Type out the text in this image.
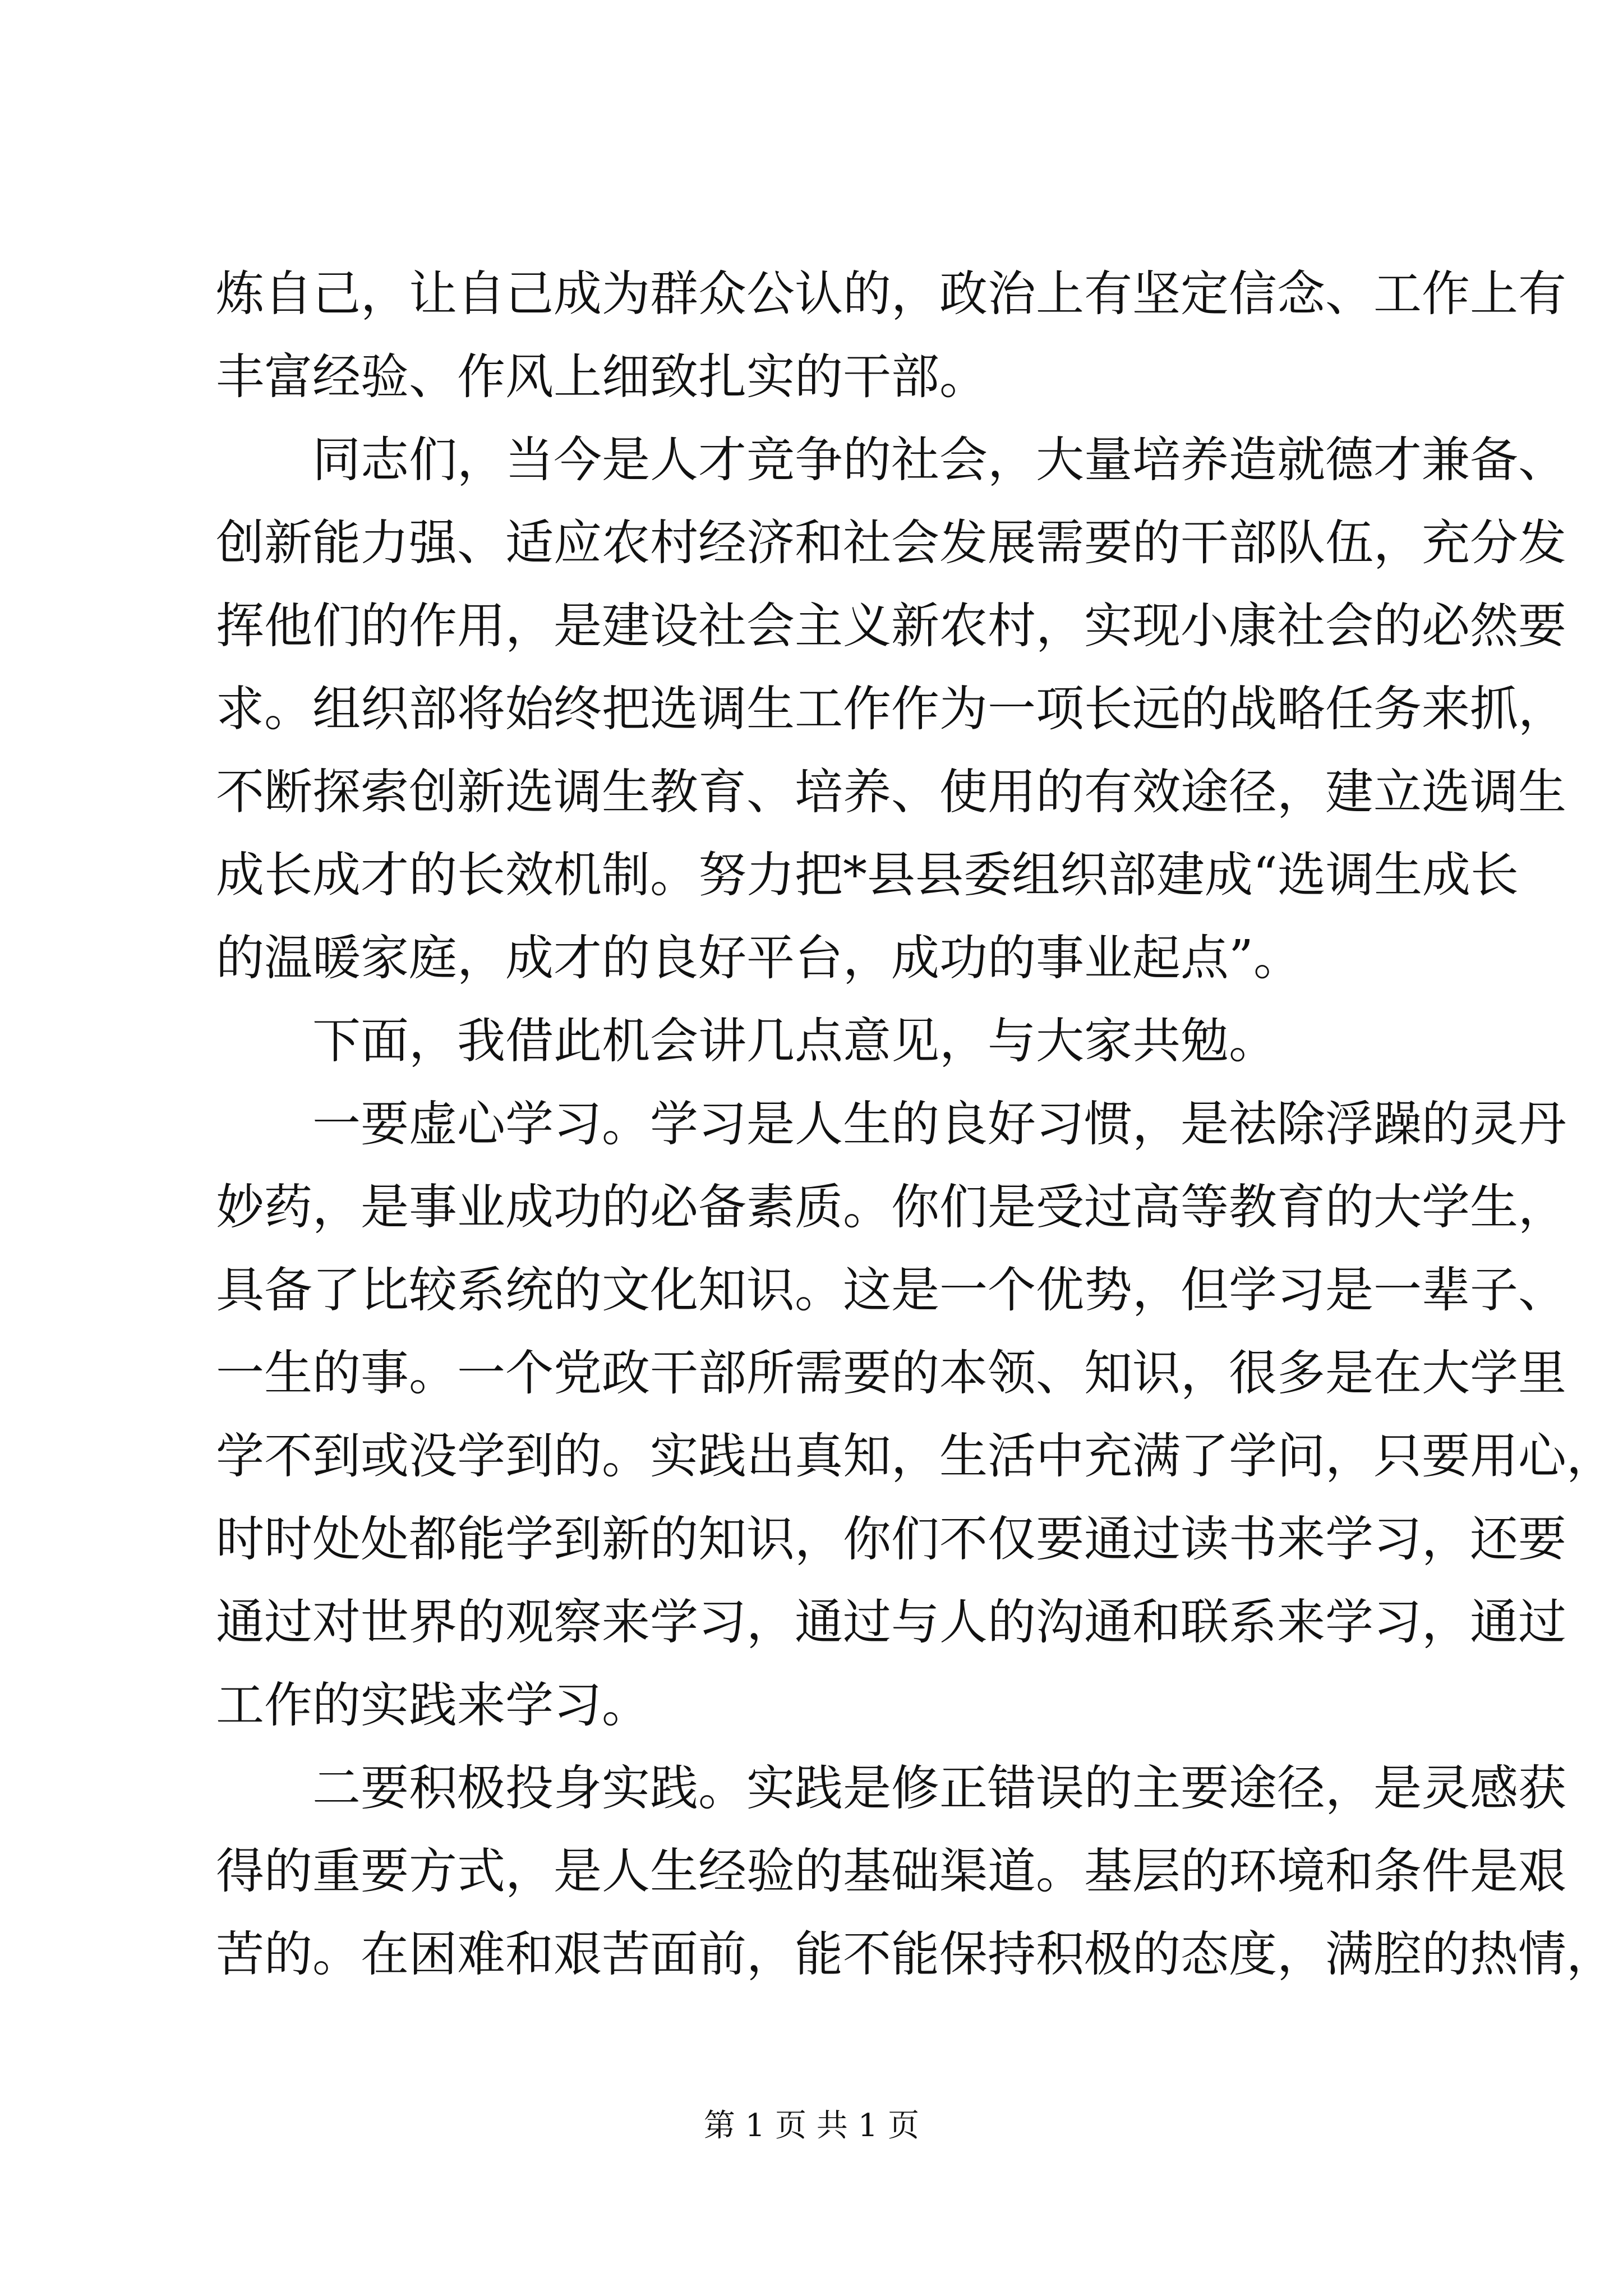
炼自己，让自己成为群众公认的，政治上有坚定信念、工作上有
丰富经验、作风上细致扎实的干部。
同志们，当今是人才竞争的社会，大量培养造就德才兼备、
创新能力强、适应农村经济和社会发展需要的干部队伍，充分发
挥他们的作用，是建设社会主义新农村，实现小康社会的必然要
求。组织部将始终把选调生工作作为一项长远的战略任务来抓，
不断探索创新选调生教育、培养、使用的有效途径，建立选调生
成长成才的长效机制。努力把*县县委组织部建成“选调生成长
的温暖家庭，成才的良好平台，成功的事业起点”。
下面，我借此机会讲几点意见，与大家共勉。
一要虚心学习。学习是人生的良好习惯，是祛除浮躁的灵丹
妙药，是事业成功的必备素质。你们是受过高等教育的大学生，
具备了比较系统的文化知识。这是一个优势，但学习是一辈子、
一生的事。一个党政干部所需要的本领、知识，很多是在大学里
学不到或没学到的。实践出真知，生活中充满了学问，只要用心，
时时处处都能学到新的知识，你们不仅要通过读书来学习，还要
通过对世界的观察来学习，通过与人的沟通和联系来学习，通过
工作的实践来学习。
二要积极投身实践。实践是修正错误的主要途径，是灵感获
得的重要方式，是人生经验的基础渠道。基层的环境和条件是艰
苦的。在困难和艰苦面前，能不能保持积极的态度，满腔的热情，
第 1 页 共 1 页
